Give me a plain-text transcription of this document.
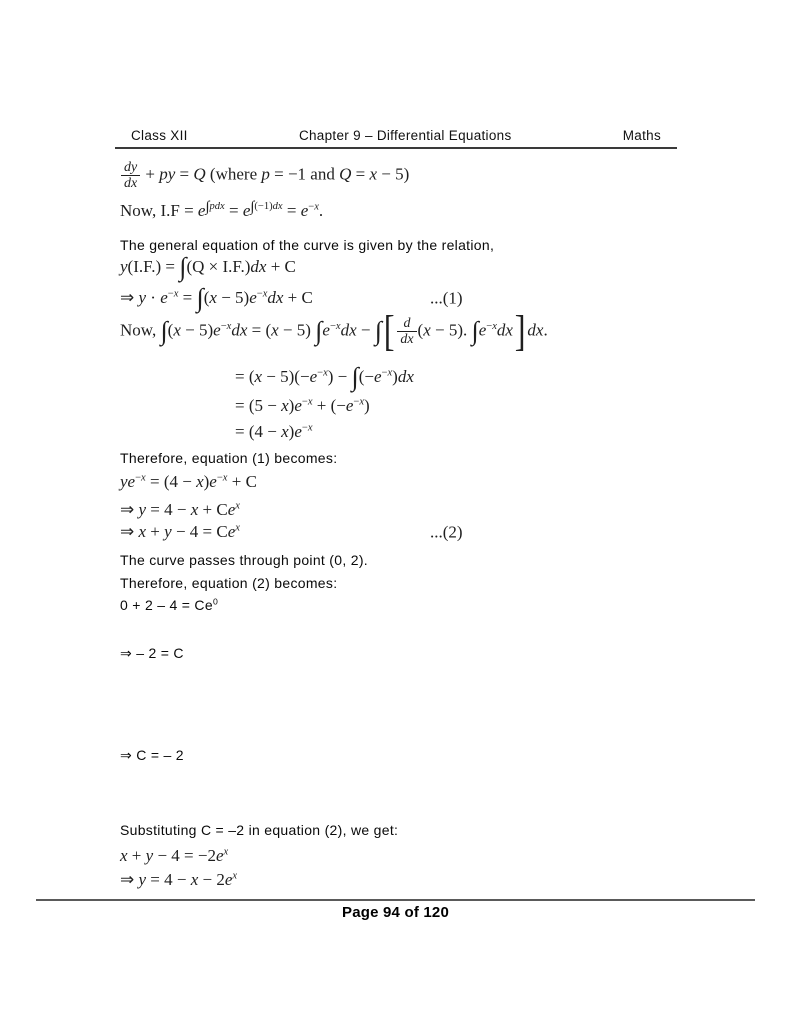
Class XII	Chapter 9 – Differential Equations	Maths
$\frac{dy}{dx}$ + py = Q (where p = −1 and Q = x − 5)
Now, $I.F = e^{\int pdx} = e^{\int(-1)dx} = e^{-x}$.
The general equation of the curve is given by the relation,
y(I.F.) = ∫(Q × I.F.)dx + C
⇒ $y \cdot e^{-x} = \int(x - 5)e^{-x}dx + C$	...(1)
Now, $\int(x - 5)e^{-x}dx = (x - 5)$ $\int e^{-x}dx$ − ∫[ $\frac{d}{dx} (x - 5)$. $\int e^{-x}dx$] dx.
= $(x - 5)(-e^{-x}) - \int(-e^{-x})dx$
= $(5 - x)e^{-x} + (-e^{-x})$
= $(4 - x)e^{-x}$
Therefore, equation (1) becomes:
$ye^{-x} = (4 - x)e^{-x} + C$
⇒ $y = 4 - x + Ce^x$
⇒ $x + y - 4 = Ce^x$	...(2)
The curve passes through point (0, 2).
Therefore, equation (2) becomes:
$0 + 2 - 4 = Ce^0$
⇒ – 2 = C
⇒ C = – 2
Substituting C = –2 in equation (2), we get:
$x + y - 4 = -2e^x$
⇒ $y = 4 - x - 2e^x$
Page 94 of 120
